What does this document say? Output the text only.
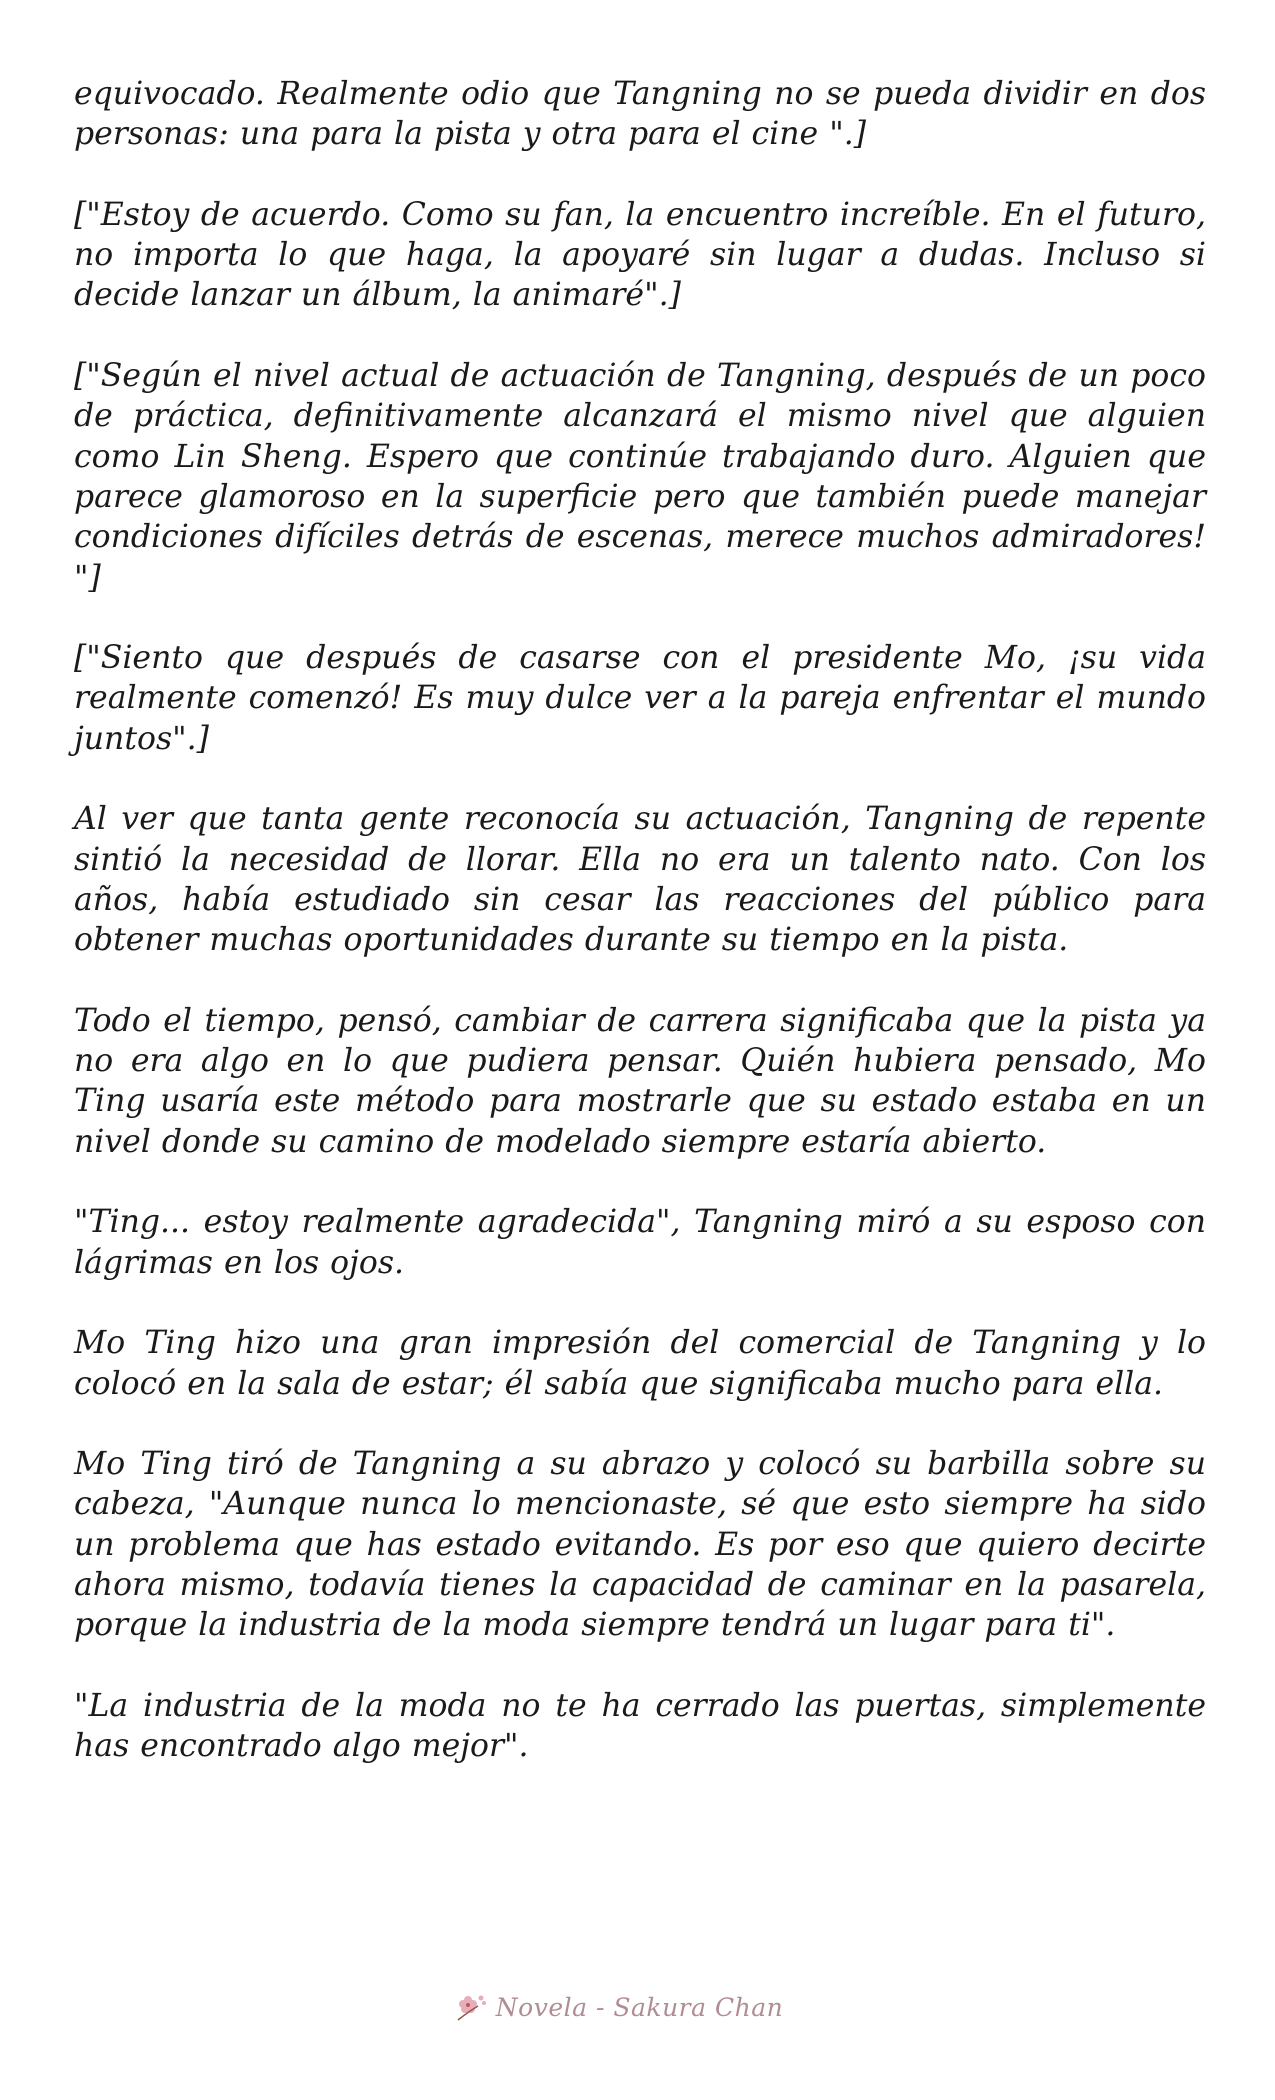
equivocado. Realmente odio que Tangning no se pueda dividir en dos personas: una para la pista y otra para el cine ".]

["Estoy de acuerdo. Como su fan, la encuentro increíble. En el futuro, no importa lo que haga, la apoyaré sin lugar a dudas. Incluso si decide lanzar un álbum, la animaré".]

["Según el nivel actual de actuación de Tangning, después de un poco de práctica, definitivamente alcanzará el mismo nivel que alguien como Lin Sheng. Espero que continúe trabajando duro. Alguien que parece glamoroso en la superficie pero que también puede manejar condiciones difíciles detrás de escenas, merece muchos admiradores! "]

["Siento que después de casarse con el presidente Mo, ¡su vida realmente comenzó! Es muy dulce ver a la pareja enfrentar el mundo juntos".]

Al ver que tanta gente reconocía su actuación, Tangning de repente sintió la necesidad de llorar. Ella no era un talento nato. Con los años, había estudiado sin cesar las reacciones del público para obtener muchas oportunidades durante su tiempo en la pista.

Todo el tiempo, pensó, cambiar de carrera significaba que la pista ya no era algo en lo que pudiera pensar. Quién hubiera pensado, Mo Ting usaría este método para mostrarle que su estado estaba en un nivel donde su camino de modelado siempre estaría abierto.

"Ting... estoy realmente agradecida", Tangning miró a su esposo con lágrimas en los ojos.

Mo Ting hizo una gran impresión del comercial de Tangning y lo colocó en la sala de estar; él sabía que significaba mucho para ella.

Mo Ting tiró de Tangning a su abrazo y colocó su barbilla sobre su cabeza, "Aunque nunca lo mencionaste, sé que esto siempre ha sido un problema que has estado evitando. Es por eso que quiero decirte ahora mismo, todavía tienes la capacidad de caminar en la pasarela, porque la industria de la moda siempre tendrá un lugar para ti".

"La industria de la moda no te ha cerrado las puertas, simplemente has encontrado algo mejor".

Novela - Sakura Chan
